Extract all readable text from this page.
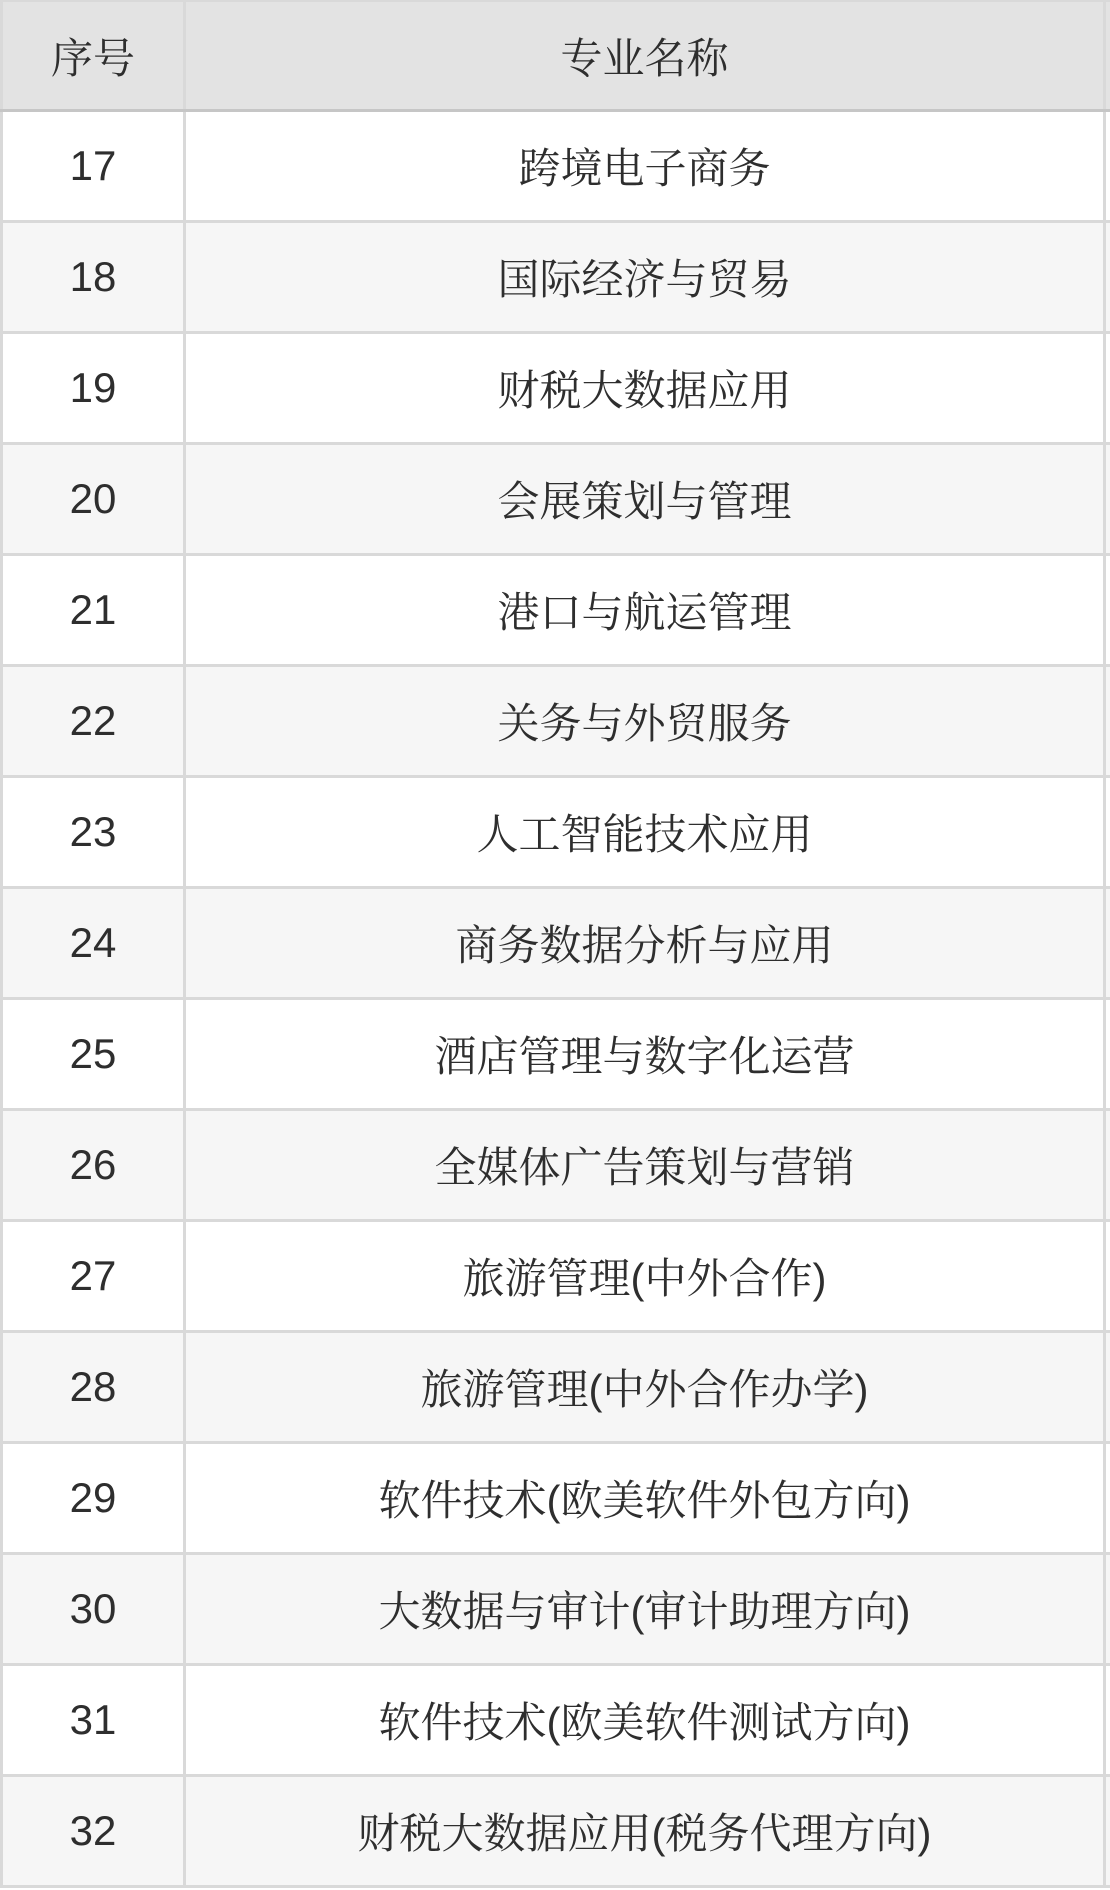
序号	专业名称	
17	跨境电子商务	
18	国际经济与贸易	
19	财税大数据应用	
20	会展策划与管理	
21	港口与航运管理	
22	关务与外贸服务	
23	人工智能技术应用	
24	商务数据分析与应用	
25	酒店管理与数字化运营	
26	全媒体广告策划与营销	
27	旅游管理(中外合作)	
28	旅游管理(中外合作办学)	
29	软件技术(欧美软件外包方向)	
30	大数据与审计(审计助理方向)	
31	软件技术(欧美软件测试方向)	
32	财税大数据应用(税务代理方向)	
